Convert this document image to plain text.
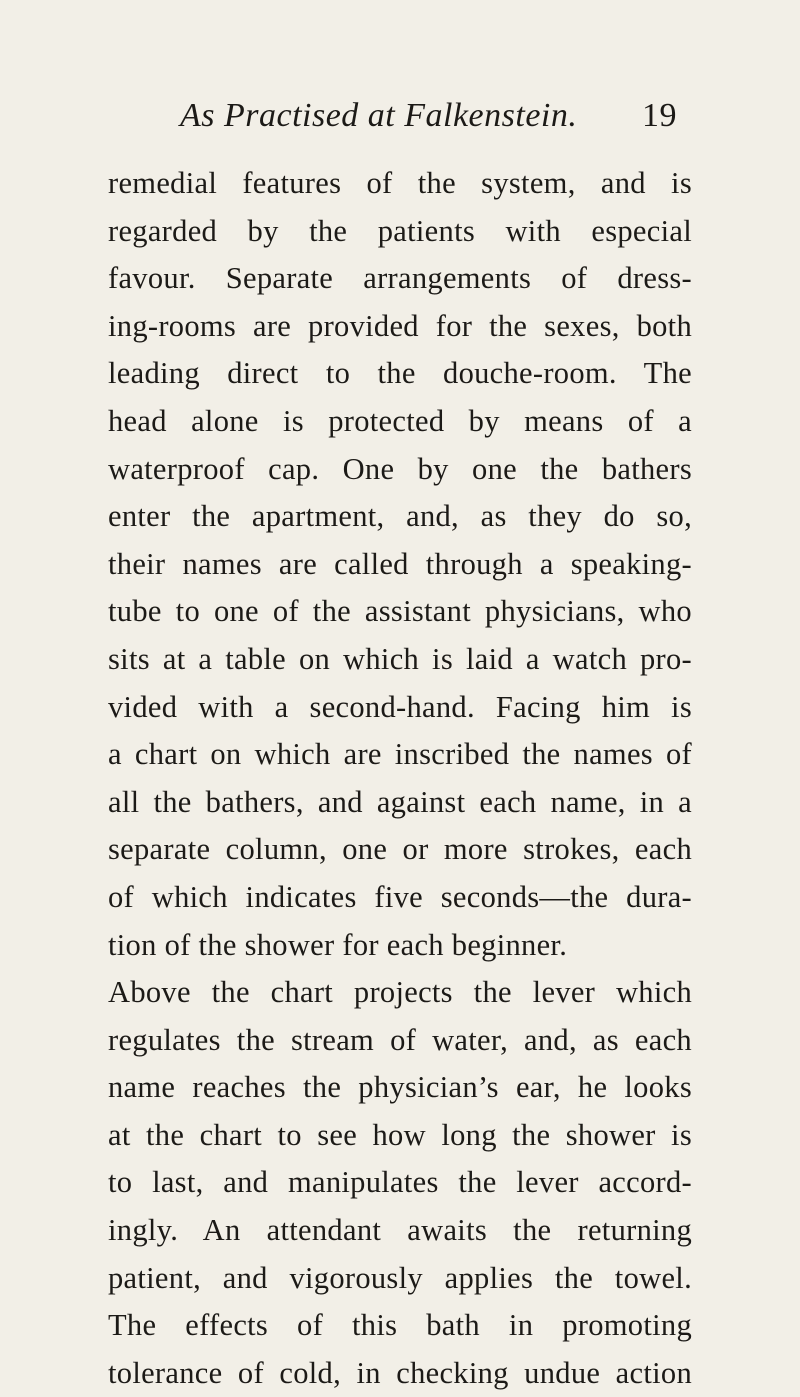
As Practised at Falkenstein. 19
remedial features of the system, and is
regarded by the patients with especial
favour. Separate arrangements of dress-
ing-rooms are provided for the sexes, both
leading direct to the douche-room. The
head alone is protected by means of a
waterproof cap. One by one the bathers
enter the apartment, and, as they do so,
their names are called through a speaking-
tube to one of the assistant physicians, who
sits at a table on which is laid a watch pro-
vided with a second-hand. Facing him is
a chart on which are inscribed the names of
all the bathers, and against each name, in a
separate column, one or more strokes, each
of which indicates five seconds—the dura-
tion of the shower for each beginner.
Above the chart projects the lever which
regulates the stream of water, and, as each
name reaches the physician’s ear, he looks
at the chart to see how long the shower is
to last, and manipulates the lever accord-
ingly. An attendant awaits the returning
patient, and vigorously applies the towel.
The effects of this bath in promoting
tolerance of cold, in checking undue action
